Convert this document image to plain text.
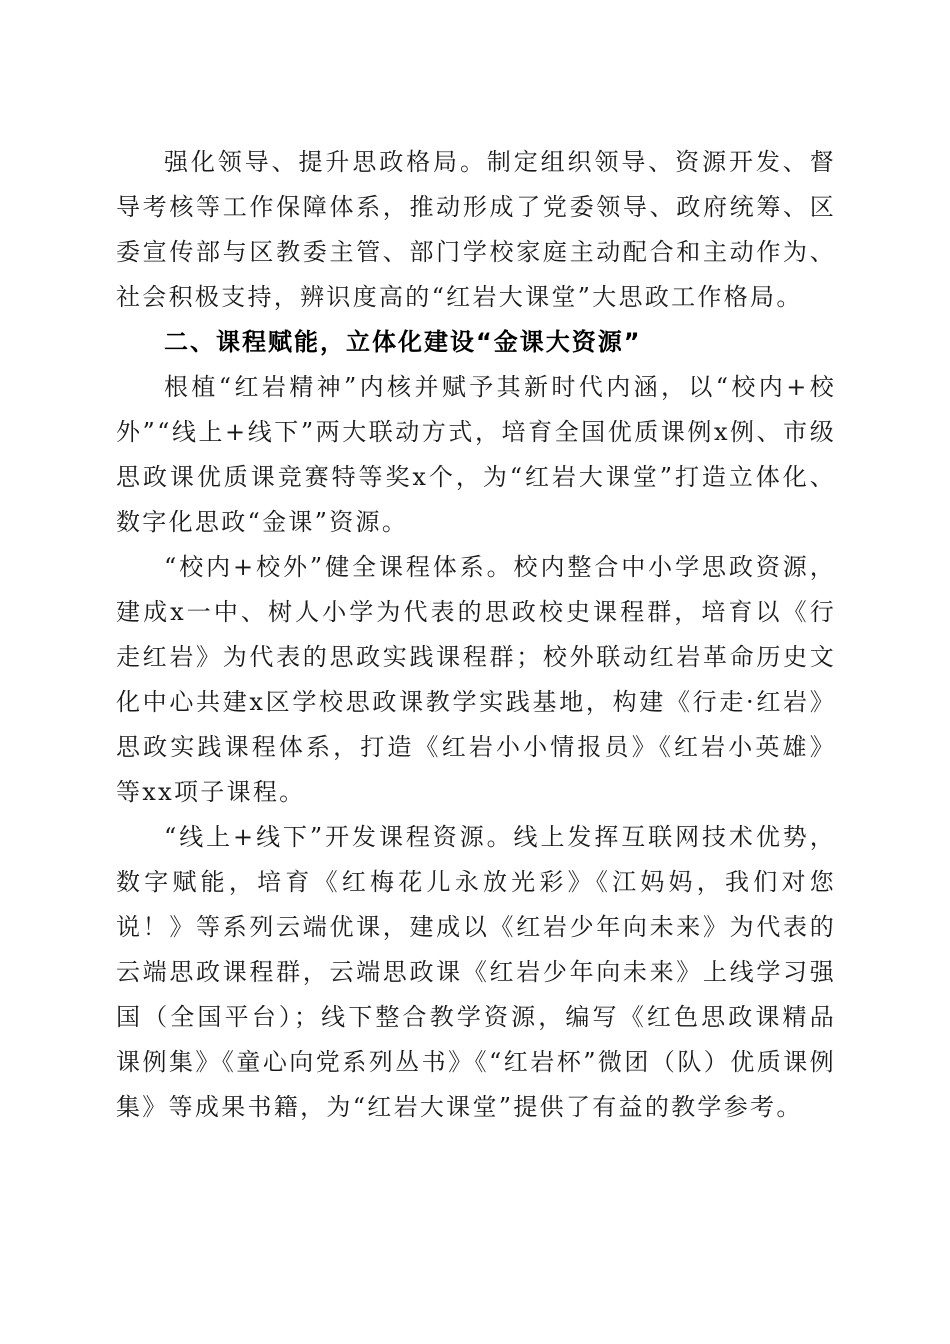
强化领导、提升思政格局。制定组织领导、资源开发、督导考核等工作保障体系，推动形成了党委领导、政府统筹、区委宣传部与区教委主管、部门学校家庭主动配合和主动作为、社会积极支持，辨识度高的“红岩大课堂”大思政工作格局。

二、课程赋能，立体化建设“金课大资源”

根植“红岩精神”内核并赋予其新时代内涵，以“校内+校外”“线上+线下”两大联动方式，培育全国优质课例x例、市级思政课优质课竞赛特等奖x个，为“红岩大课堂”打造立体化、数字化思政“金课”资源。

“校内+校外”健全课程体系。校内整合中小学思政资源，建成x一中、树人小学为代表的思政校史课程群，培育以《行走红岩》为代表的思政实践课程群；校外联动红岩革命历史文化中心共建x区学校思政课教学实践基地，构建《行走·红岩》思政实践课程体系，打造《红岩小小情报员》《红岩小英雄》等xx项子课程。

“线上+线下”开发课程资源。线上发挥互联网技术优势，数字赋能，培育《红梅花儿永放光彩》《江妈妈，我们对您说！》等系列云端优课，建成以《红岩少年向未来》为代表的云端思政课程群，云端思政课《红岩少年向未来》上线学习强国（全国平台）；线下整合教学资源，编写《红色思政课精品课例集》《童心向党系列丛书》《“红岩杯”微团（队）优质课例集》等成果书籍，为“红岩大课堂”提供了有益的教学参考。
